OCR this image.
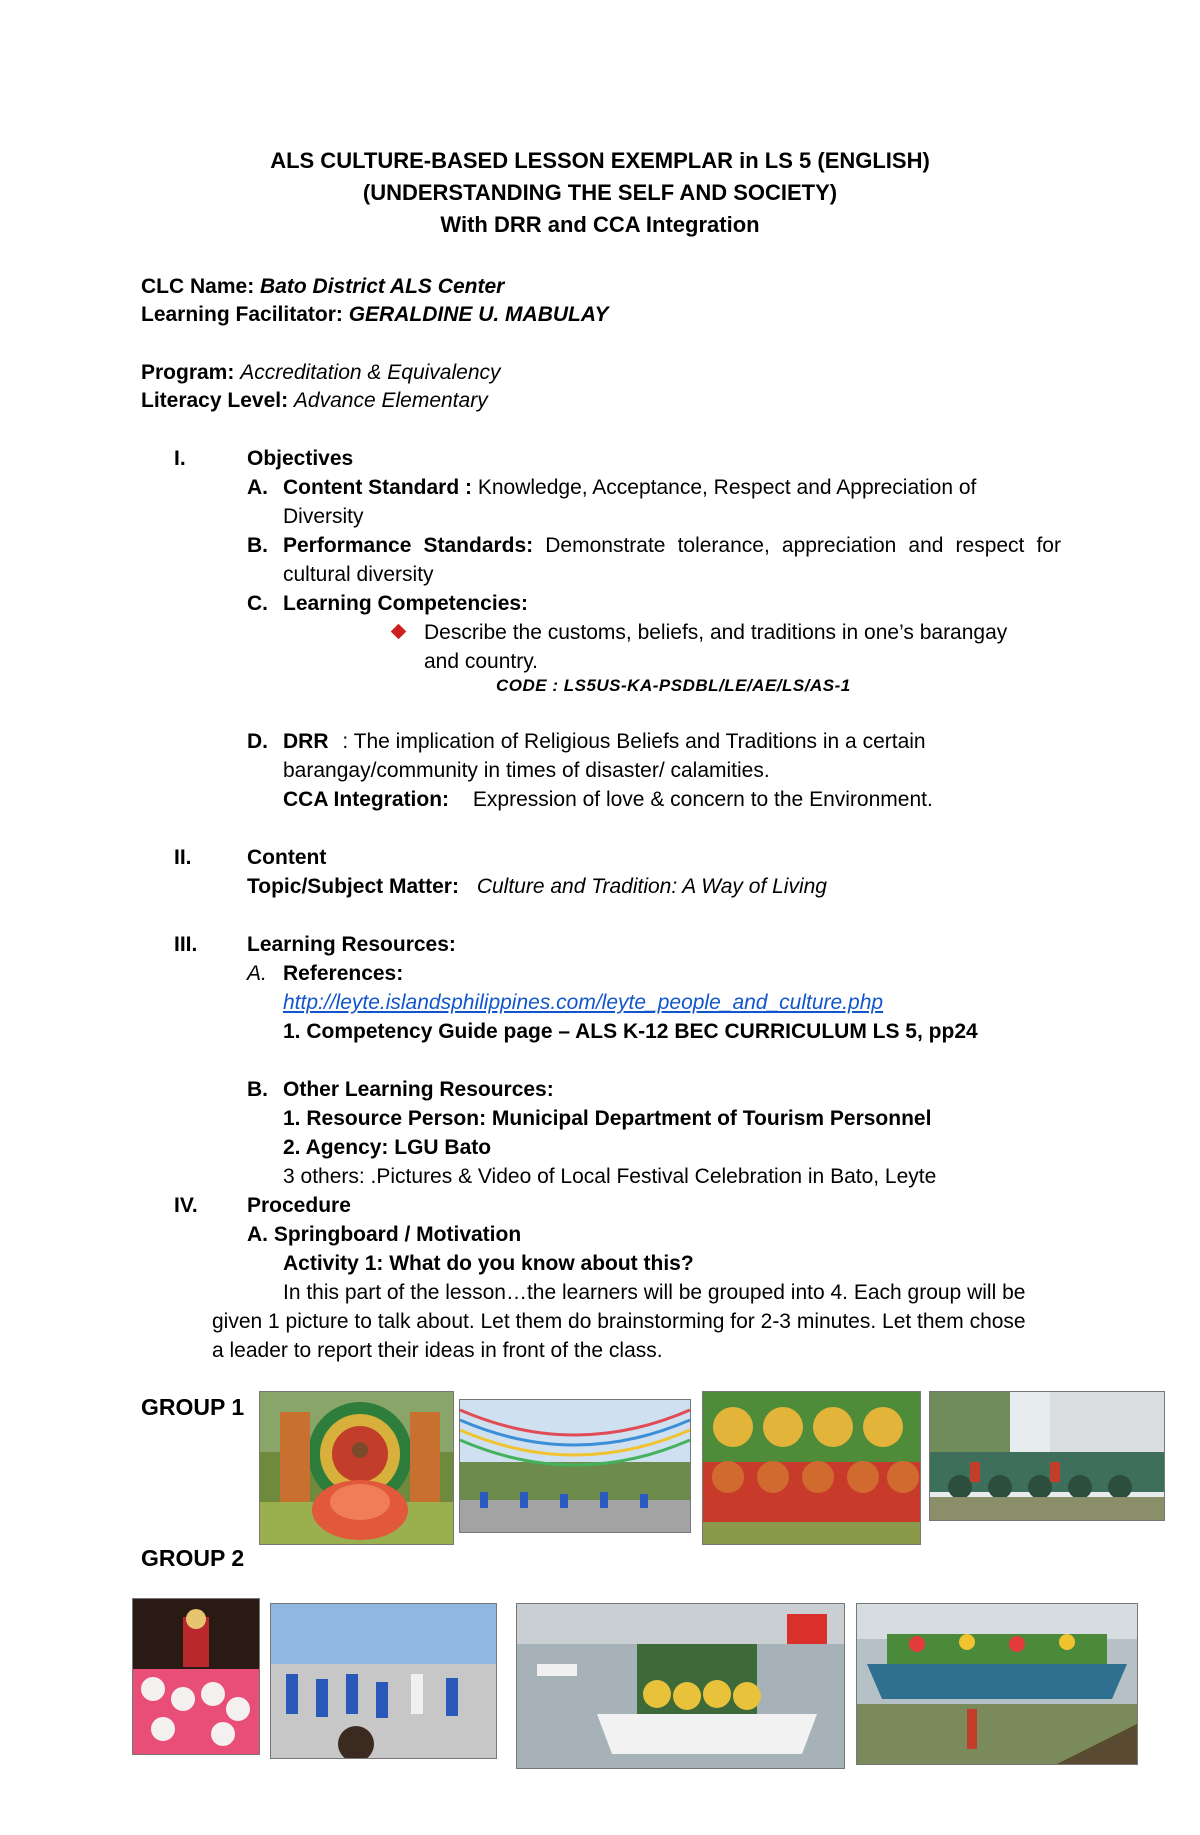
ALS CULTURE-BASED LESSON EXEMPLAR in LS 5 (ENGLISH)
(UNDERSTANDING THE SELF AND SOCIETY)
With DRR and CCA Integration
CLC Name: Bato District ALS Center
Learning Facilitator: GERALDINE U. MABULAY
Program: Accreditation & Equivalency
Literacy Level: Advance Elementary
I.	Objectives
A. Content Standard : Knowledge, Acceptance, Respect and Appreciation of
Diversity
B. Performance Standards: Demonstrate tolerance, appreciation and respect for
cultural diversity
C. Learning Competencies:
Describe the customs, beliefs, and traditions in one’s barangay
and country.
CODE : LS5US-KA-PSDBL/LE/AE/LS/AS-1
D. DRR : The implication of Religious Beliefs and Traditions in a certain
barangay/community in times of disaster/ calamities.
CCA Integration: Expression of love & concern to the Environment.
II.	Content
Topic/Subject Matter: Culture and Tradition: A Way of Living
III. Learning Resources:
A. References:
http://leyte.islandsphilippines.com/leyte_people_and_culture.php
1. Competency Guide page – ALS K-12 BEC CURRICULUM LS 5, pp24
B. Other Learning Resources:
1. Resource Person: Municipal Department of Tourism Personnel
2. Agency: LGU Bato
3 others: .Pictures & Video of Local Festival Celebration in Bato, Leyte
IV. Procedure
A. Springboard / Motivation
Activity 1: What do you know about this?
In this part of the lesson…the learners will be grouped into 4. Each group will be
given 1 picture to talk about. Let them do brainstorming for 2-3 minutes. Let them chose
a leader to report their ideas in front of the class.
GROUP 1
GROUP 2
